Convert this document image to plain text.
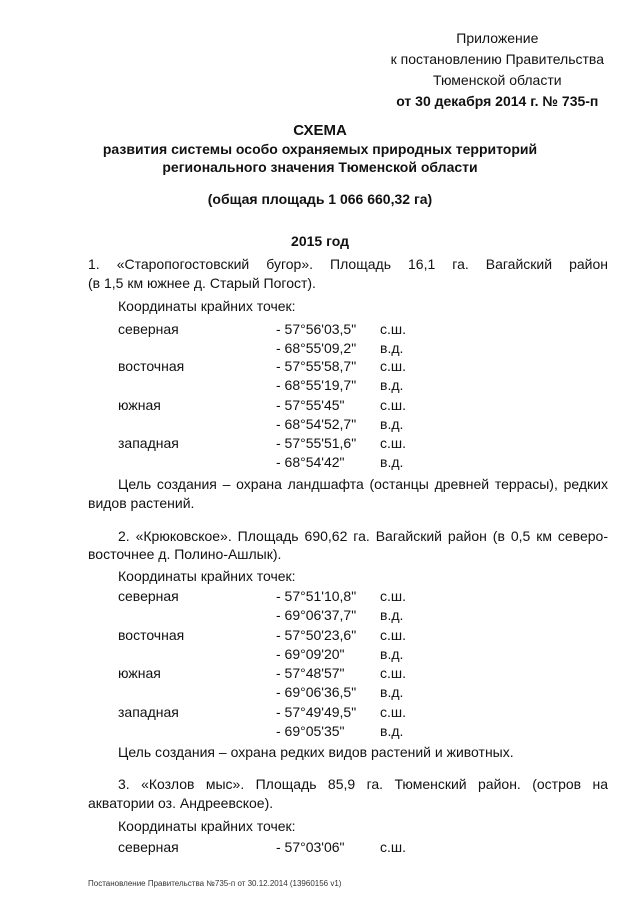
Приложение
к постановлению Правительства
Тюменской области
от 30 декабря 2014 г. № 735-п
СХЕМА
развития системы особо охраняемых природных территорий
регионального значения Тюменской области
(общая площадь 1 066 660,32 га)
2015 год
1. «Старопогостовский бугор». Площадь 16,1 га. Вагайский район
(в 1,5 км южнее д. Старый Погост).
Координаты крайних точек:
северная	- 57°56'03,5" с.ш.
- 68°55'09,2" в.д.
восточная	- 57°55'58,7" с.ш.
- 68°55'19,7" в.д.
южная	- 57°55'45"	с.ш.
- 68°54'52,7" в.д.
западная	- 57°55'51,6" с.ш.
- 68°54'42"	в.д.
Цель создания – охрана ландшафта (останцы древней террасы), редких
видов растений.
2. «Крюковское». Площадь 690,62 га. Вагайский район (в 0,5 км северо-
восточнее д. Полино-Ашлык).
Координаты крайних точек:
северная	- 57°51'10,8" с.ш.
- 69°06'37,7" в.д.
восточная	- 57°50'23,6" с.ш.
- 69°09'20"	в.д.
южная	- 57°48'57"	с.ш.
- 69°06'36,5" в.д.
западная	- 57°49'49,5" с.ш.
- 69°05'35"	в.д.
Цель создания – охрана редких видов растений и животных.
3. «Козлов мыс». Площадь 85,9 га. Тюменский район. (остров на
акватории оз. Андреевское).
Координаты крайних точек:
северная	- 57°03'06"	с.ш.
Постановление Правительства №735-п от 30.12.2014 (13960156 v1)
